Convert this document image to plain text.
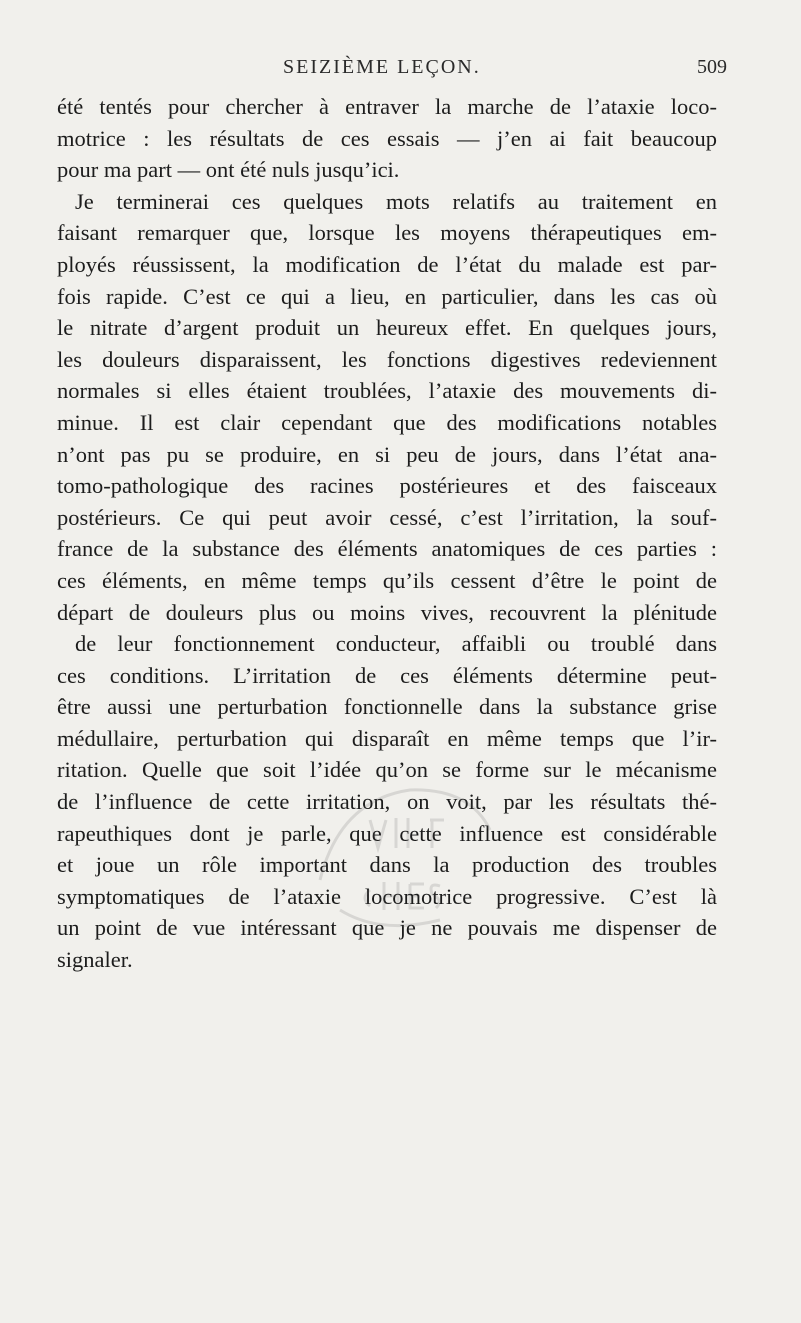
SEIZIÈME LEÇON.	509
été tentés pour chercher à entraver la marche de l’ataxie loco-
motrice : les résultats de ces essais — j’en ai fait beaucoup
pour ma part — ont été nuls jusqu’ici.
Je terminerai ces quelques mots relatifs au traitement en
faisant remarquer que, lorsque les moyens thérapeutiques em-
ployés réussissent, la modification de l’état du malade est par-
fois rapide. C’est ce qui a lieu, en particulier, dans les cas où
le nitrate d’argent produit un heureux effet. En quelques jours,
les douleurs disparaissent, les fonctions digestives redeviennent
normales si elles étaient troublées, l’ataxie des mouvements di-
minue. Il est clair cependant que des modifications notables
n’ont pas pu se produire, en si peu de jours, dans l’état ana-
tomo-pathologique des racines postérieures et des faisceaux
postérieurs. Ce qui peut avoir cessé, c’est l’irritation, la souf-
france de la substance des éléments anatomiques de ces parties :
ces éléments, en même temps qu’ils cessent d’être le point de
départ de douleurs plus ou moins vives, recouvrent la plénitude
de leur fonctionnement conducteur, affaibli ou troublé dans
ces conditions. L’irritation de ces éléments détermine peut-
être aussi une perturbation fonctionnelle dans la substance grise
médullaire, perturbation qui disparaît en même temps que l’ir-
ritation. Quelle que soit l’idée qu’on se forme sur le mécanisme
de l’influence de cette irritation, on voit, par les résultats thé-
rapeuthiques dont je parle, que cette influence est considérable
et joue un rôle important dans la production des troubles
symptomatiques de l’ataxie locomotrice progressive. C’est là
un point de vue intéressant que je ne pouvais me dispenser de
signaler.
